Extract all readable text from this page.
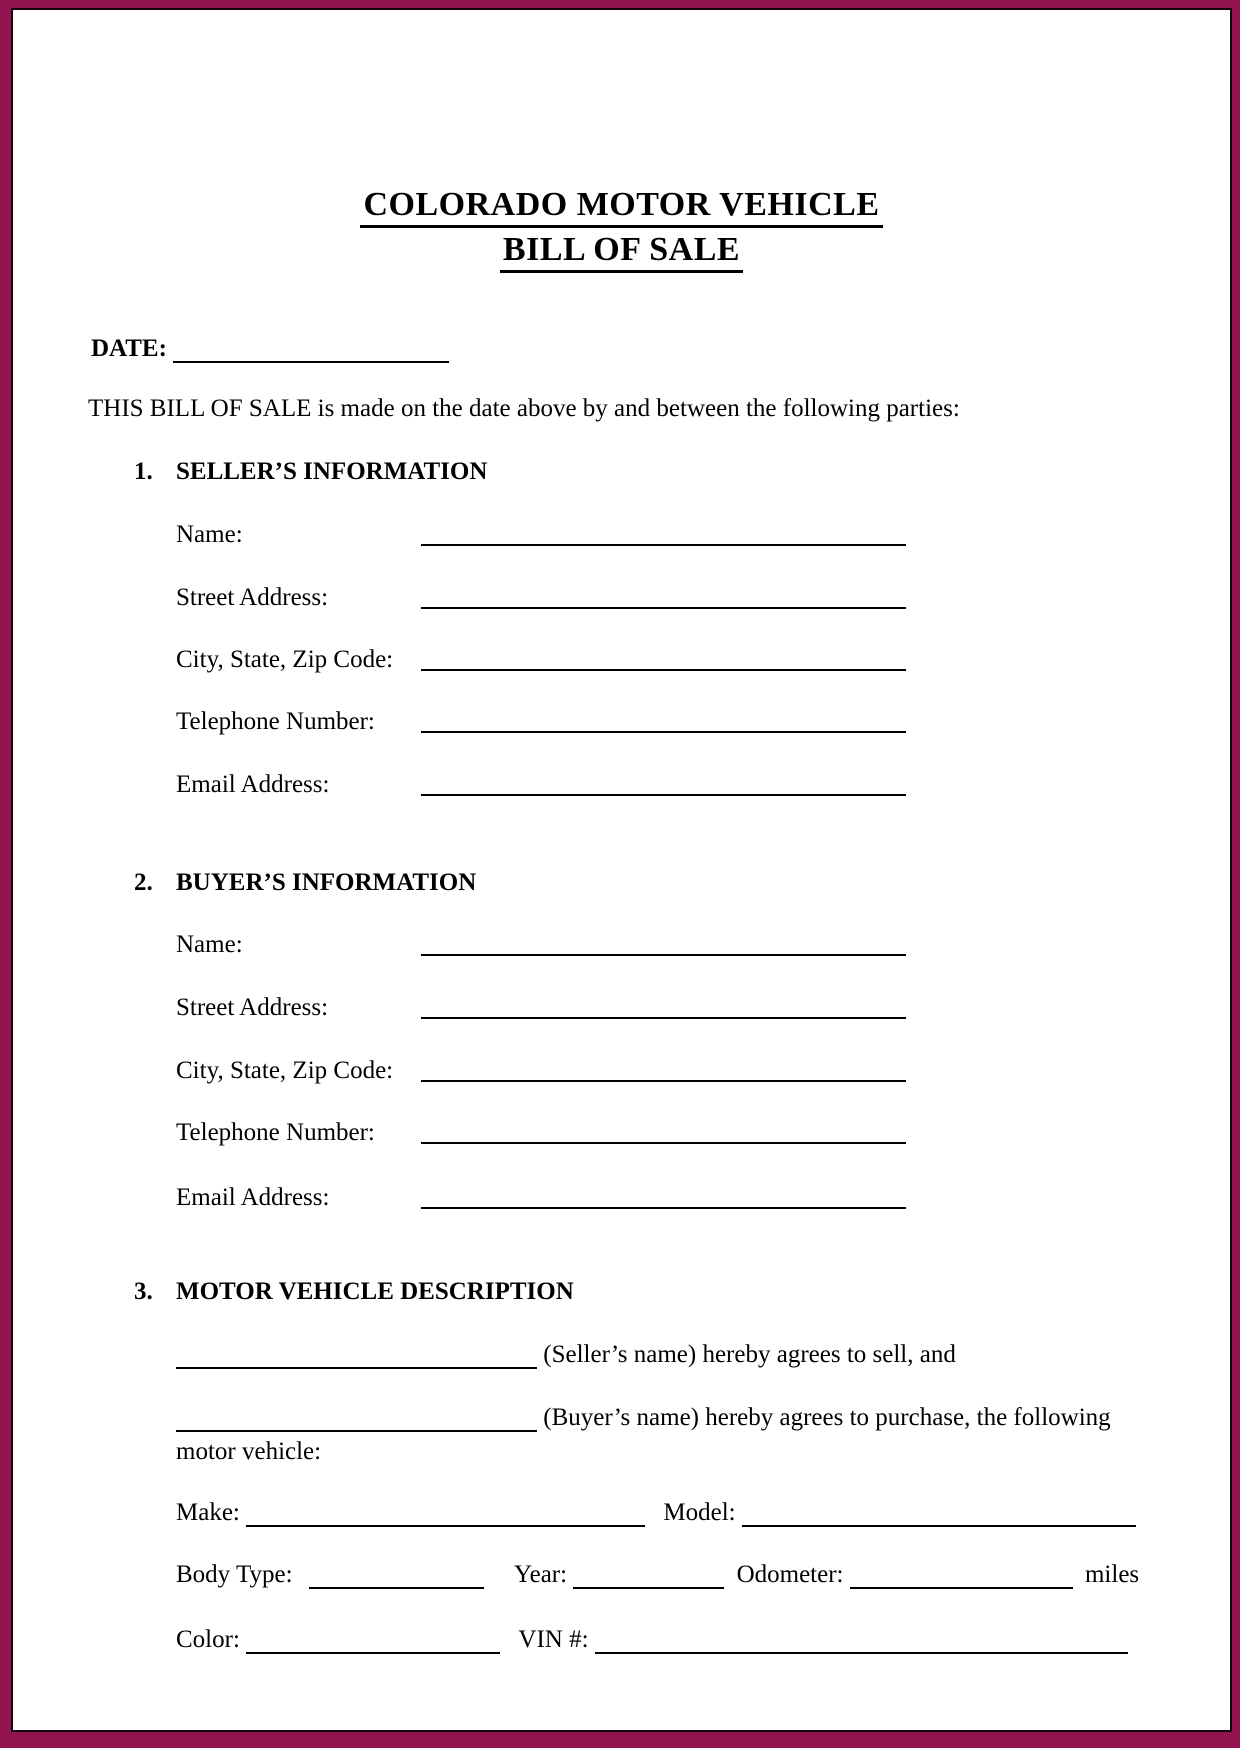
COLORADO MOTOR VEHICLE
BILL OF SALE
DATE:

THIS BILL OF SALE is made on the date above by and between the following parties:

1. SELLER’S INFORMATION
Name:
Street Address:
City, State, Zip Code:
Telephone Number:
Email Address:
2. BUYER’S INFORMATION
Name:
Street Address:
City, State, Zip Code:
Telephone Number:
Email Address:
3. MOTOR VEHICLE DESCRIPTION
(Seller’s name) hereby agrees to sell, and
(Buyer’s name) hereby agrees to purchase, the following
motor vehicle:
Make:	Model:
Body Type:	Year:	Odometer:	miles
Color:	VIN #:
